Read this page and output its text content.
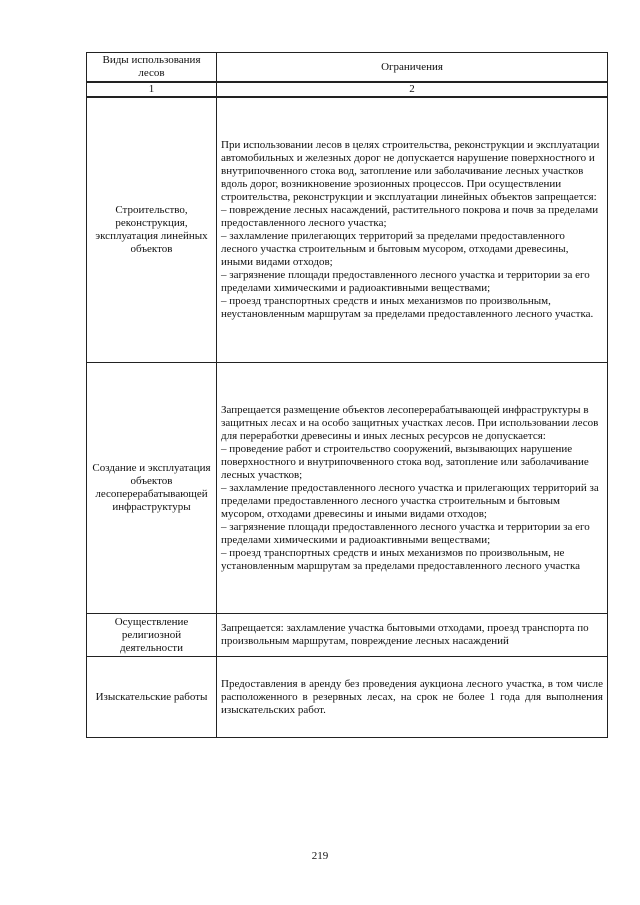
Виды использования лесов	Ограничения
1	2
Строительство, реконструкция, эксплуатация линейных объектов	При использовании лесов в целях строительства, реконструкции и эксплуатации автомобильных и железных дорог не допускается нарушение поверхностного и внутрипочвенного стока вод, затопление или заболачивание лесных участков вдоль дорог, возникновение эрозионных процессов. При осуществлении строительства, реконструкции и эксплуатации линейных объектов запрещается:

– повреждение лесных насаждений, растительного покрова и почв за пределами предоставленного лесного участка;

– захламление прилегающих территорий за пределами предоставленного лесного участка строительным и бытовым мусором, отходами древесины, иными видами отходов;

– загрязнение площади предоставленного лесного участка и территории за его пределами химическими и радиоактивными веществами;

– проезд транспортных средств и иных механизмов по произвольным, неустановленным маршрутам за пределами предоставленного лесного участка.

Создание и эксплуатация объектов лесоперерабатывающей инфраструктуры	Запрещается размещение объектов лесоперерабатывающей инфраструктуры в защитных лесах и на особо защитных участках лесов. При использовании лесов для переработки древесины и иных лесных ресурсов не допускается:

– проведение работ и строительство сооружений, вызывающих нарушение поверхностного и внутрипочвенного стока вод, затопление или заболачивание лесных участков;

– захламление предоставленного лесного участка и прилегающих территорий за пределами предоставленного лесного участка строительным и бытовым мусором, отходами древесины и иными видами отходов;

– загрязнение площади предоставленного лесного участка и территории за его пределами химическими и радиоактивными веществами;

– проезд транспортных средств и иных механизмов по произвольным, не установленным маршрутам за пределами предоставленного лесного участка

Осуществление религиозной деятельности	Запрещается: захламление участка бытовыми отходами, проезд транспорта по произвольным маршрутам, повреждение лесных насаждений

Изыскательские работы	Предоставления в аренду без проведения аукциона лесного участка, в том числе расположенного в резервных лесах, на срок не более 1 года для выполнения изыскательских работ.

219
